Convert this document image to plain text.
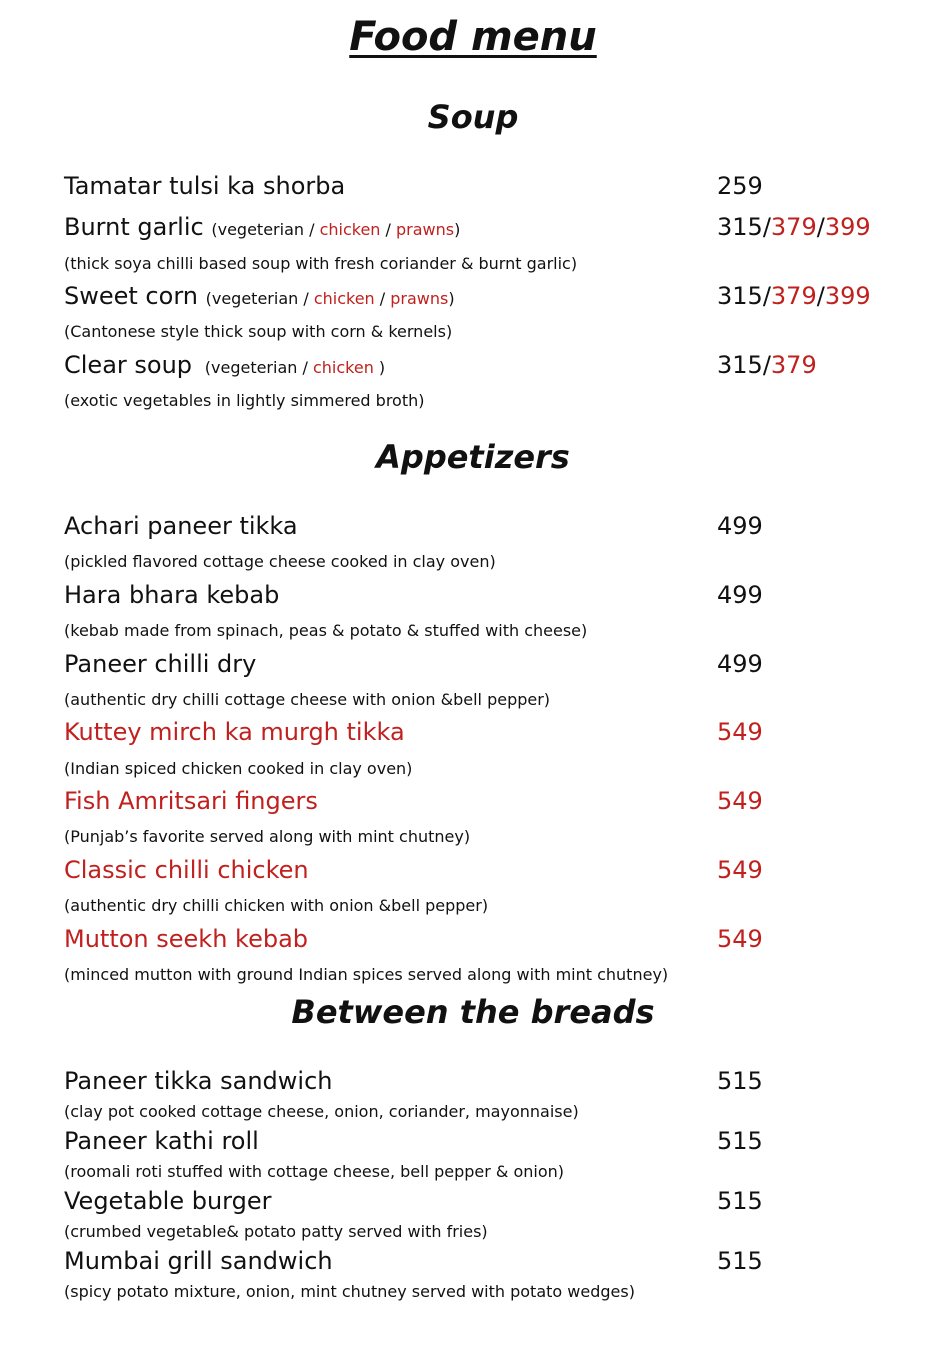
Food menu
Soup
Tamatar tulsi ka shorba	259
Burnt garlic (vegeterian / chicken / prawns)	315/379/399
(thick soya chilli based soup with fresh coriander & burnt garlic)
Sweet corn (vegeterian / chicken / prawns)	315/379/399
(Cantonese style thick soup with corn & kernels)
Clear soup  (vegeterian / chicken )	315/379
(exotic vegetables in lightly simmered broth)
Appetizers
Achari paneer tikka	499
(pickled flavored cottage cheese cooked in clay oven)
Hara bhara kebab	499
(kebab made from spinach, peas & potato & stuffed with cheese)
Paneer chilli dry	499
(authentic dry chilli cottage cheese with onion &bell pepper)
Kuttey mirch ka murgh tikka	549
(Indian spiced chicken cooked in clay oven)
Fish Amritsari fingers	549
(Punjab’s favorite served along with mint chutney)
Classic chilli chicken	549
(authentic dry chilli chicken with onion &bell pepper)
Mutton seekh kebab	549
(minced mutton with ground Indian spices served along with mint chutney)
Between the breads
Paneer tikka sandwich	515
(clay pot cooked cottage cheese, onion, coriander, mayonnaise)
Paneer kathi roll	515
(roomali roti stuffed with cottage cheese, bell pepper & onion)
Vegetable burger	515
(crumbed vegetable& potato patty served with fries)
Mumbai grill sandwich	515
(spicy potato mixture, onion, mint chutney served with potato wedges)
